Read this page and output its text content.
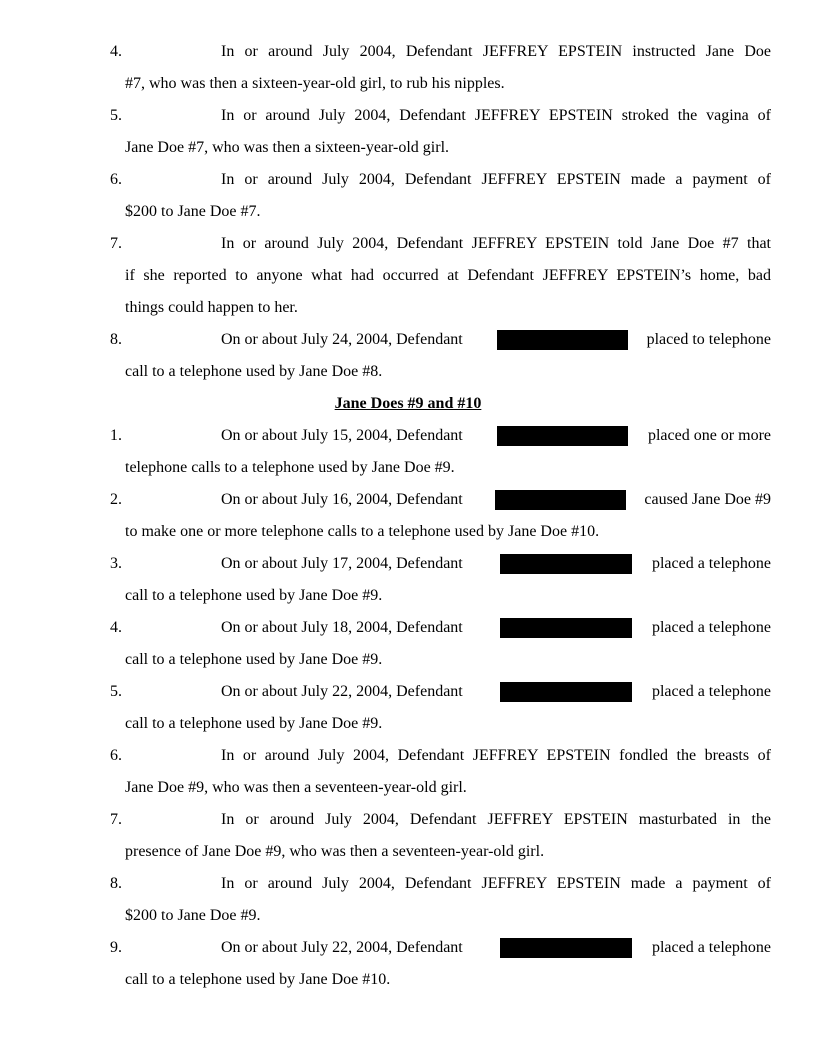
4.	In or around July 2004, Defendant JEFFREY EPSTEIN instructed Jane Doe
#7, who was then a sixteen-year-old girl, to rub his nipples.
5.	In or around July 2004, Defendant JEFFREY EPSTEIN stroked the vagina of
Jane Doe #7, who was then a sixteen-year-old girl.
6.	In or around July 2004, Defendant JEFFREY EPSTEIN made a payment of
$200 to Jane Doe #7.
7.	In or around July 2004, Defendant JEFFREY EPSTEIN told Jane Doe #7 that
if she reported to anyone what had occurred at Defendant JEFFREY EPSTEIN’s home, bad
things could happen to her.
8.	On or about July 24, 2004, Defendant	placed to telephone
call to a telephone used by Jane Doe #8.
Jane Does #9 and #10
1.	On or about July 15, 2004, Defendant	placed one or more
telephone calls to a telephone used by Jane Doe #9.
2.	On or about July 16, 2004, Defendant	caused Jane Doe #9
to make one or more telephone calls to a telephone used by Jane Doe #10.
3.	On or about July 17, 2004, Defendant	placed a telephone
call to a telephone used by Jane Doe #9.
4.	On or about July 18, 2004, Defendant	placed a telephone
call to a telephone used by Jane Doe #9.
5.	On or about July 22, 2004, Defendant	placed a telephone
call to a telephone used by Jane Doe #9.
6.	In or around July 2004, Defendant JEFFREY EPSTEIN fondled the breasts of
Jane Doe #9, who was then a seventeen-year-old girl.
7.	In or around July 2004, Defendant JEFFREY EPSTEIN masturbated in the
presence of Jane Doe #9, who was then a seventeen-year-old girl.
8.	In or around July 2004, Defendant JEFFREY EPSTEIN made a payment of
$200 to Jane Doe #9.
9.	On or about July 22, 2004, Defendant	placed a telephone
call to a telephone used by Jane Doe #10.
